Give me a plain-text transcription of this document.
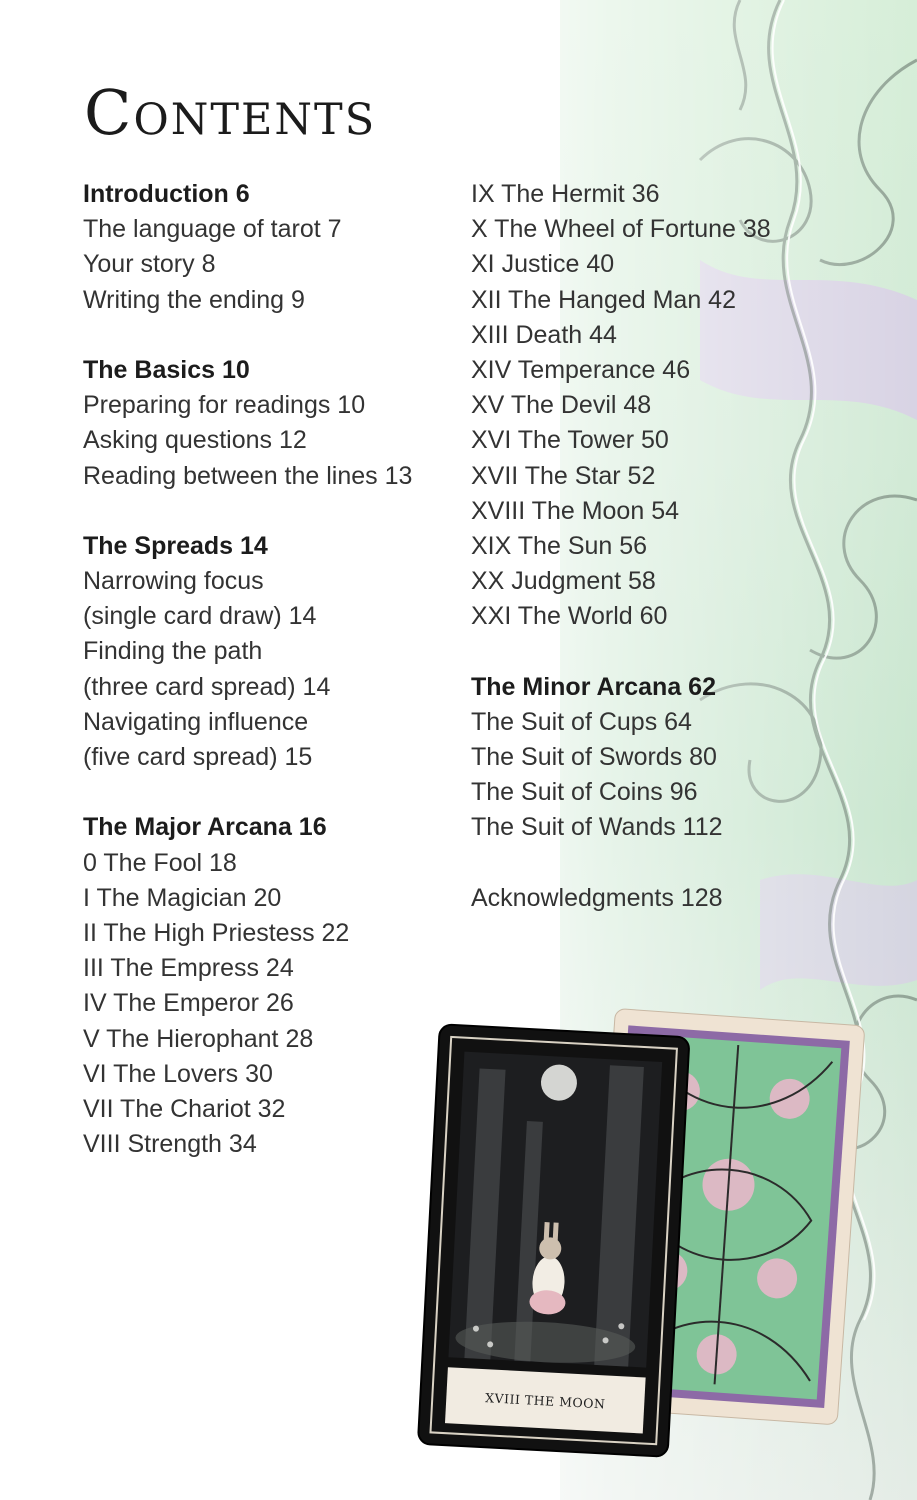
Contents
Introduction 6
The language of tarot 7
Your story 8
Writing the ending 9
The Basics 10
Preparing for readings 10
Asking questions 12
Reading between the lines 13
The Spreads 14
Narrowing focus
(single card draw) 14
Finding the path
(three card spread) 14
Navigating influence
(five card spread) 15
The Major Arcana 16
0 The Fool 18
I The Magician 20
II The High Priestess 22
III The Empress 24
IV The Emperor 26
V The Hierophant 28
VI The Lovers 30
VII The Chariot 32
VIII Strength 34
IX The Hermit 36
X The Wheel of Fortune 38
XI Justice 40
XII The Hanged Man 42
XIII Death 44
XIV Temperance 46
XV The Devil 48
XVI The Tower 50
XVII The Star 52
XVIII The Moon 54
XIX The Sun 56
XX Judgment 58
XXI The World 60
The Minor Arcana 62
The Suit of Cups 64
The Suit of Swords 80
The Suit of Coins 96
The Suit of Wands 112
Acknowledgments 128
XVIII THE MOON
